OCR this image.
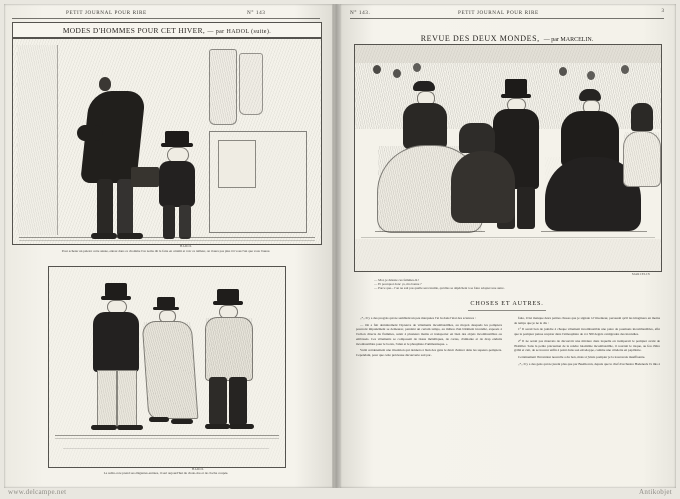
PETIT JOURNAL POUR RIRE	N° 143
MODES D'HOMMES POUR CET HIVER, — par HADOL (suite).
HADOL
Pour acheter un paletot cette année, entrez dans ce chomme l'on noms dit la faire en cérémi et voir ce tailleur, on n'aura pas plus tôt vous l'un que vous l'aurez.
HADOL
Le redin-cote prend ses élégantes-entrées, il sert aujourd'hui du chole-dos et de cloche coupée.
N° 143.	PETIT JOURNAL POUR RIRE	3
REVUE DES DEUX MONDES, — par MARCELIN.
MARCELIN
— Moi, je déteste ces femmes-là !
— Et pourquoi donc ça, ma bonne ?
— Parce que... l'on ne sait pas quelle sera inutile, qu'elles se dépêchent à se faire adopter une autre.
CHOSES ET AUTRES.

„*„ Il y a des progrès qui ne semblent un peu marquées J'ai lu dans l'état des sciences :

— On a fait dernièrement l'épreuve de vêtements incombustibles, au moyen desquels les pompiers pourront impunément se demeurer, pendant un certain temps, au milieu d'un bâtiment incendié, exposés à l'action directe du flammes, saisir à plusieurs mains et transporter en bien des objets incombustibles ou embrasés. Ces vêtements se composent de tissus métalliques, de cartes, d'amiante et de drap enduits inconbustibles pour le borax, l'alun et le phosphate d'ammoniaque. »

Voilà certainement une invention qui donnera à bien des gens le désir d'entrer dans les sapeurs-pompiers. Cependant, pour que cette précieuse découverte soit par-

faite, il lui manque deux petites choses que je signale à l'inventeur, persuadé qu'il les imaginera en moins de temps que je ne le dis :

1° Il serait bon de joindre à chaque vêtement incombustible une paire de poumons incombustibles, afin que le pompier puisse respirer dans l'atmosphère de 4 à 500 degrés centigrades des incendies.

2° Il ne serait pas mauvais de découvrir une mixture dans laquelle on tremperait le pompier avant de l'habiller. Sans la petite précaution de le rendre lui-même incombustible, il courrait le risque, au feu d'être grillé et cuit, de se trouver enfin à point dans son enveloppe, comme une côtelette en papillotte.

Certainement l'invention nouvelle a du bon, mais si j'étais pompier je la trouverais insuffisante.

„*„ Il y a des gens qui ne jurent plus que par Beethoven, depuis que le chef d'orchestre Hadeneck l'a mis à

www.delcampe.net	Antikobjet
